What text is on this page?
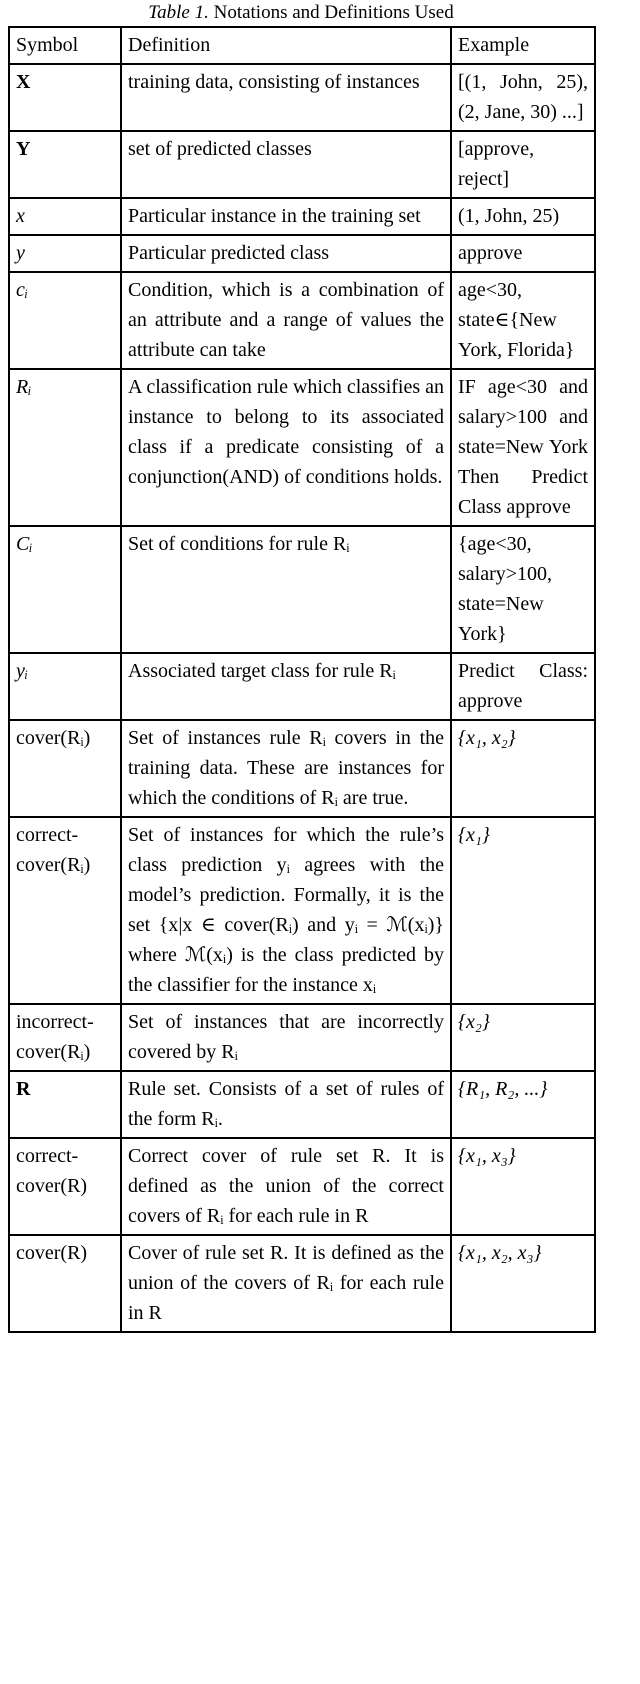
Table 1. Notations and Definitions Used
Symbol	Definition	Example
X	training data, consisting of instances	[(1, John, 25), (2, Jane, 30) ...]
Y	set of predicted classes	[approve, reject]
x	Particular instance in the training set	(1, John, 25)
y	Particular predicted class	approve
cᵢ	Condition, which is a combination of an attribute and a range of values the attribute can take	age<30, state∈{New York, Florida}
Rᵢ	A classification rule which classifies an instance to belong to its associated class if a predicate consisting of a conjunction(AND) of conditions holds.	IF age<30 and salary>100 and state=New York Then Predict Class approve
Cᵢ	Set of conditions for rule Rᵢ	{age<30, salary>100, state=New York}
yᵢ	Associated target class for rule Rᵢ	Predict Class: approve
cover(Rᵢ)	Set of instances rule Rᵢ covers in the training data. These are instances for which the conditions of Rᵢ are true.	{x₁, x₂}
correct-cover(Rᵢ)	Set of instances for which the rule’s class prediction yᵢ agrees with the model’s prediction. Formally, it is the set {x|x ∈ cover(Rᵢ) and yᵢ = ℳ(xᵢ)} where ℳ(xᵢ) is the class predicted by the classifier for the instance xᵢ	{x₁}
incorrect-cover(Rᵢ)	Set of instances that are incorrectly covered by Rᵢ	{x₂}
R	Rule set. Consists of a set of rules of the form Rᵢ.	{R₁, R₂, ...}
correct-cover(R)	Correct cover of rule set R. It is defined as the union of the correct covers of Rᵢ for each rule in R	{x₁, x₃}
cover(R)	Cover of rule set R. It is defined as the union of the covers of Rᵢ for each rule in R	{x₁, x₂, x₃}
